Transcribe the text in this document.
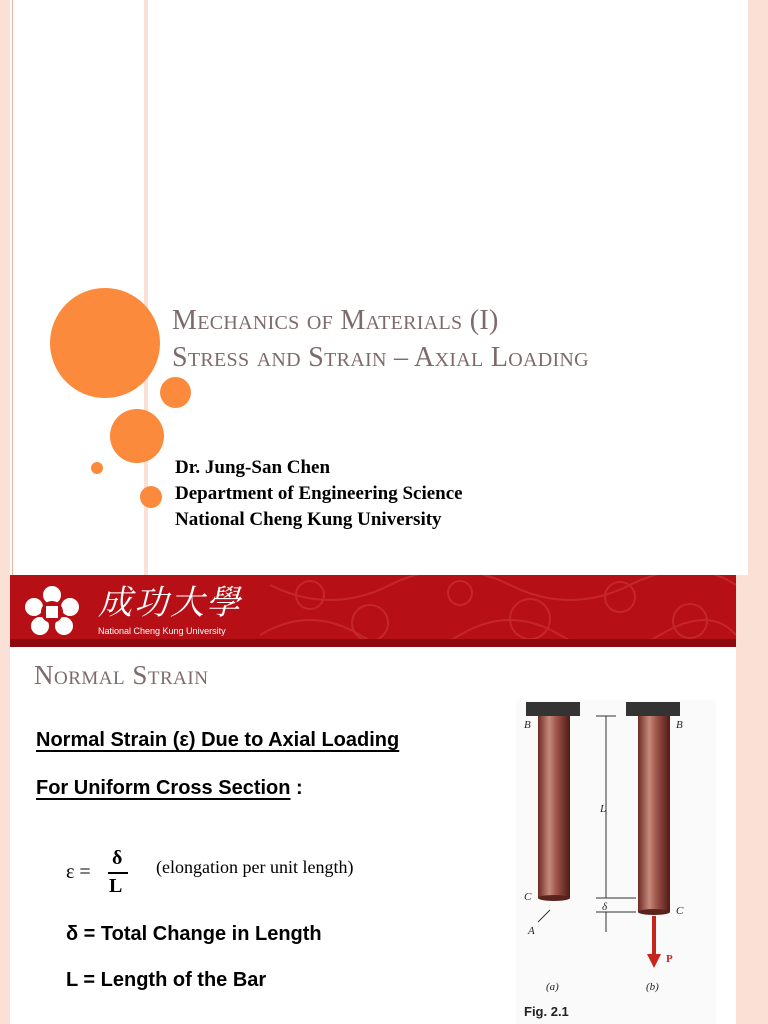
Mechanics of Materials (I)
Stress and Strain – Axial Loading
Dr. Jung-San Chen
Department of Engineering Science
National Cheng Kung University
成功大學
National Cheng Kung University
Normal Strain
Normal Strain (ε) Due to Axial Loading
For Uniform Cross Section :
ε =
δ
L
(elongation per unit length)
δ = Total Change in Length
L = Length of the Bar
B	B
L
C
δ	C
A
P
(a)	(b)
Fig. 2.1
